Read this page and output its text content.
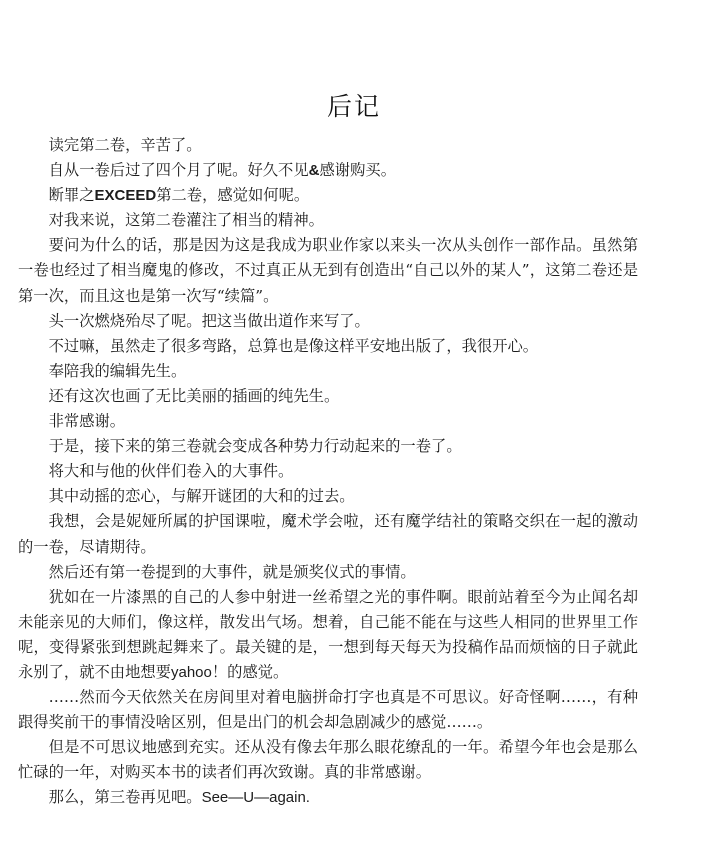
后记

读完第二卷，辛苦了。

自从一卷后过了四个月了呢。好久不见&感谢购买。

断罪之EXCEED第二卷，感觉如何呢。

对我来说，这第二卷灌注了相当的精神。

要问为什么的话，那是因为这是我成为职业作家以来头一次从头创作一部作品。虽然第一卷也经过了相当魔鬼的修改，不过真正从无到有创造出“自己以外的某人”，这第二卷还是第一次，而且这也是第一次写“续篇”。

头一次燃烧殆尽了呢。把这当做出道作来写了。

不过嘛，虽然走了很多弯路，总算也是像这样平安地出版了，我很开心。

奉陪我的编辑先生。

还有这次也画了无比美丽的插画的纯先生。

非常感谢。

于是，接下来的第三卷就会变成各种势力行动起来的一卷了。

将大和与他的伙伴们卷入的大事件。

其中动摇的恋心，与解开谜团的大和的过去。

我想，会是妮娅所属的护国课啦，魔术学会啦，还有魔学结社的策略交织在一起的激动的一卷，尽请期待。

然后还有第一卷提到的大事件，就是颁奖仪式的事情。

犹如在一片漆黑的自己的人参中射进一丝希望之光的事件啊。眼前站着至今为止闻名却未能亲见的大师们，像这样，散发出气场。想着，自己能不能在与这些人相同的世界里工作呢，变得紧张到想跳起舞来了。最关键的是，一想到每天每天为投稿作品而烦恼的日子就此永别了，就不由地想要yahoo！的感觉。

……然而今天依然关在房间里对着电脑拼命打字也真是不可思议。好奇怪啊……，有种跟得奖前干的事情没啥区别，但是出门的机会却急剧减少的感觉……。

但是不可思议地感到充实。还从没有像去年那么眼花缭乱的一年。希望今年也会是那么忙碌的一年，对购买本书的读者们再次致谢。真的非常感谢。

那么，第三卷再见吧。See—U—again.
